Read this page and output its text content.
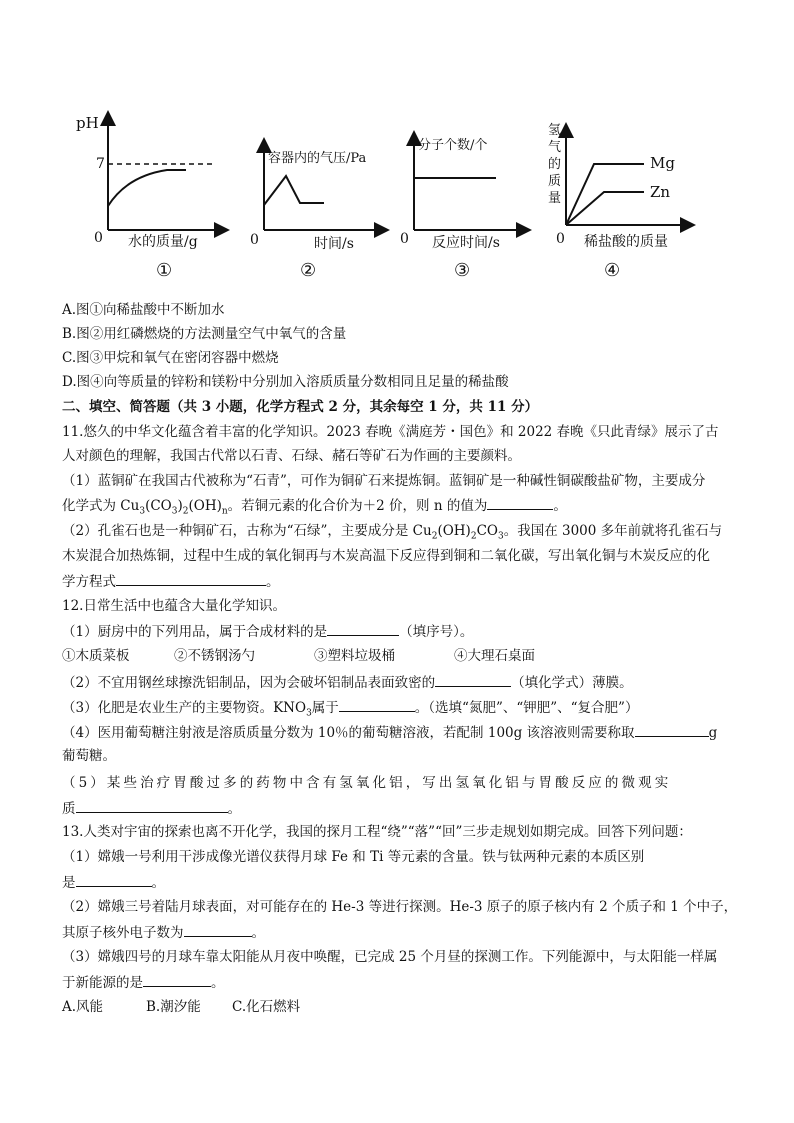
pH
7
0 水的质量/g
①
容器内的气压/Pa
0	时间/s
②
分子个数/个
0 反应时间/s
③
氢
气
的
质
量
Mg
Zn
0 稀盐酸的质量
④
A.图①向稀盐酸中不断加水
B.图②用红磷燃烧的方法测量空气中氧气的含量
C.图③甲烷和氧气在密闭容器中燃烧
D.图④向等质量的锌粉和镁粉中分别加入溶质质量分数相同且足量的稀盐酸
二、填空、简答题（共 3 小题，化学方程式 2 分，其余每空 1 分，共 11 分）
11.悠久的中华文化蕴含着丰富的化学知识。2023 春晚《满庭芳・国色》和 2022 春晚《只此青绿》展示了古
人对颜色的理解，我国古代常以石青、石绿、赭石等矿石为作画的主要颜料。
（1）蓝铜矿在我国古代被称为“石青”，可作为铜矿石来提炼铜。蓝铜矿是一种碱性铜碳酸盐矿物，主要成分
化学式为 $Cu_3(CO_3)_2(OH)_n$。若铜元素的化合价为＋2 价，则 n 的值为	。
（2）孔雀石也是一种铜矿石，古称为“石绿”，主要成分是 $Cu_2(OH)_2CO_3$。我国在 3000 多年前就将孔雀石与
木炭混合加热炼铜，过程中生成的氧化铜再与木炭高温下反应得到铜和二氧化碳，写出氧化铜与木炭反应的化
学方程式	。
12.日常生活中也蕴含大量化学知识。
（1）厨房中的下列用品，属于合成材料的是	（填序号）。
①木质菜板	②不锈钢汤勺	③塑料垃圾桶	④大理石桌面
（2）不宜用钢丝球擦洗铝制品，因为会破坏铝制品表面致密的	（填化学式）薄膜。
（3）化肥是农业生产的主要物资。$KNO_3$属于	。（选填“氮肥”、“钾肥”、“复合肥”）
（4）医用葡萄糖注射液是溶质质量分数为 10％的葡萄糖溶液，若配制 100g 该溶液则需要称取	g
葡萄糖。
（5）某些治疗胃酸过多的药物中含有氢氧化铝，写出氢氧化铝与胃酸反应的微观实
质	。
13.人类对宇宙的探索也离不开化学，我国的探月工程“绕”“落”“回”三步走规划如期完成。回答下列问题：
（1）嫦娥一号利用干涉成像光谱仪获得月球 Fe 和 Ti 等元素的含量。铁与钛两种元素的本质区别
是	。
（2）嫦娥三号着陆月球表面，对可能存在的 He-3 等进行探测。He-3 原子的原子核内有 2 个质子和 1 个中子，
其原子核外电子数为	。
（3）嫦娥四号的月球车靠太阳能从月夜中唤醒，已完成 25 个月昼的探测工作。下列能源中，与太阳能一样属
于新能源的是	。
A.风能	B.潮汐能 C.化石燃料
